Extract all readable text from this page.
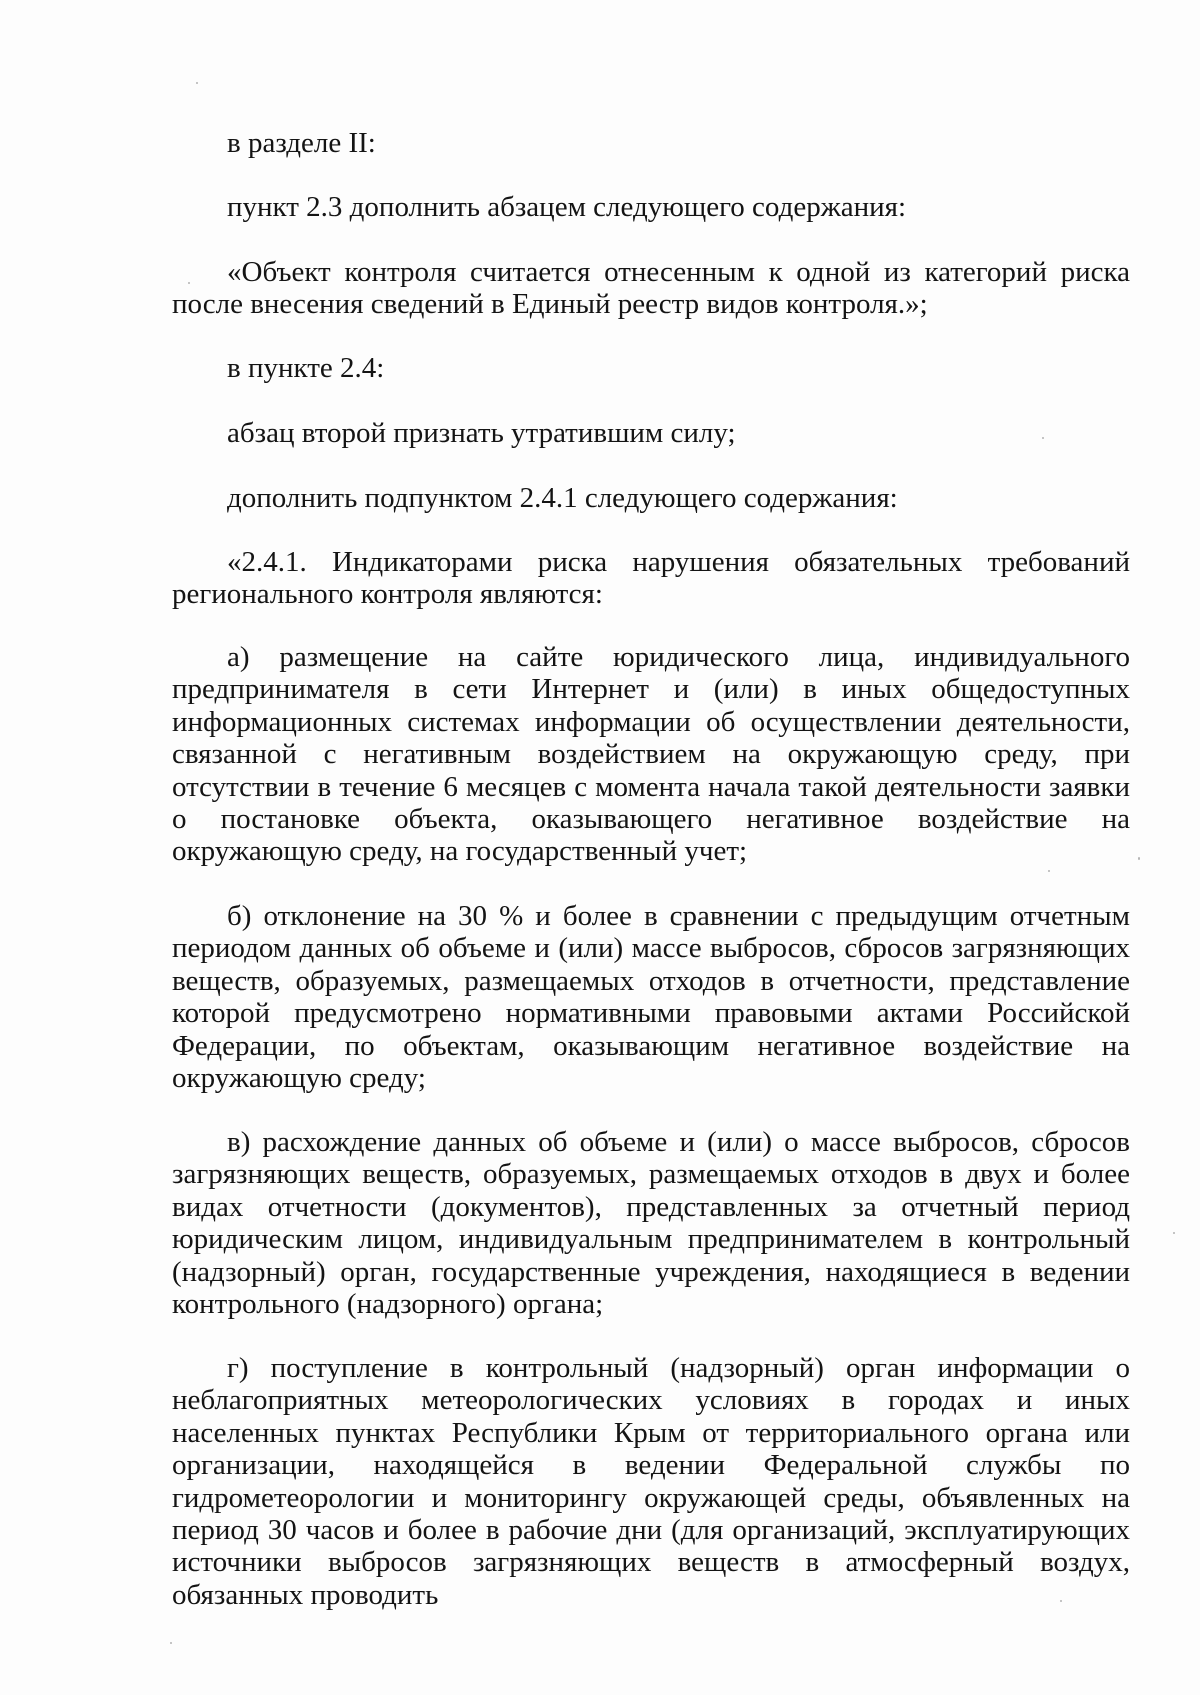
в разделе II:

пункт 2.3 дополнить абзацем следующего содержания:

«Объект контроля считается отнесенным к одной из категорий риска после внесения сведений в Единый реестр видов контроля.»;

в пункте 2.4:

абзац второй признать утратившим силу;

дополнить подпунктом 2.4.1 следующего содержания:

«2.4.1. Индикаторами риска нарушения обязательных требований регионального контроля являются:

а) размещение на сайте юридического лица, индивидуального предпринимателя в сети Интернет и (или) в иных общедоступных информационных системах информации об осуществлении деятельности, связанной с негативным воздействием на окружающую среду, при отсутствии в течение 6 месяцев с момента начала такой деятельности заявки о постановке объекта, оказывающего негативное воздействие на окружающую среду, на государственный учет;

б) отклонение на 30 % и более в сравнении с предыдущим отчетным периодом данных об объеме и (или) массе выбросов, сбросов загрязняющих веществ, образуемых, размещаемых отходов в отчетности, представление которой предусмотрено нормативными правовыми актами Российской Федерации, по объектам, оказывающим негативное воздействие на окружающую среду;

в) расхождение данных об объеме и (или) о массе выбросов, сбросов загрязняющих веществ, образуемых, размещаемых отходов в двух и более видах отчетности (документов), представленных за отчетный период юридическим лицом, индивидуальным предпринимателем в контрольный (надзорный) орган, государственные учреждения, находящиеся в ведении контрольного (надзорного) органа;

г) поступление в контрольный (надзорный) орган информации о неблагоприятных метеорологических условиях в городах и иных населенных пунктах Республики Крым от территориального органа или организации, находящейся в ведении Федеральной службы по гидрометеорологии и мониторингу окружающей среды, объявленных на период 30 часов и более в рабочие дни (для организаций, эксплуатирующих источники выбросов загрязняющих веществ в атмосферный воздух, обязанных проводить
